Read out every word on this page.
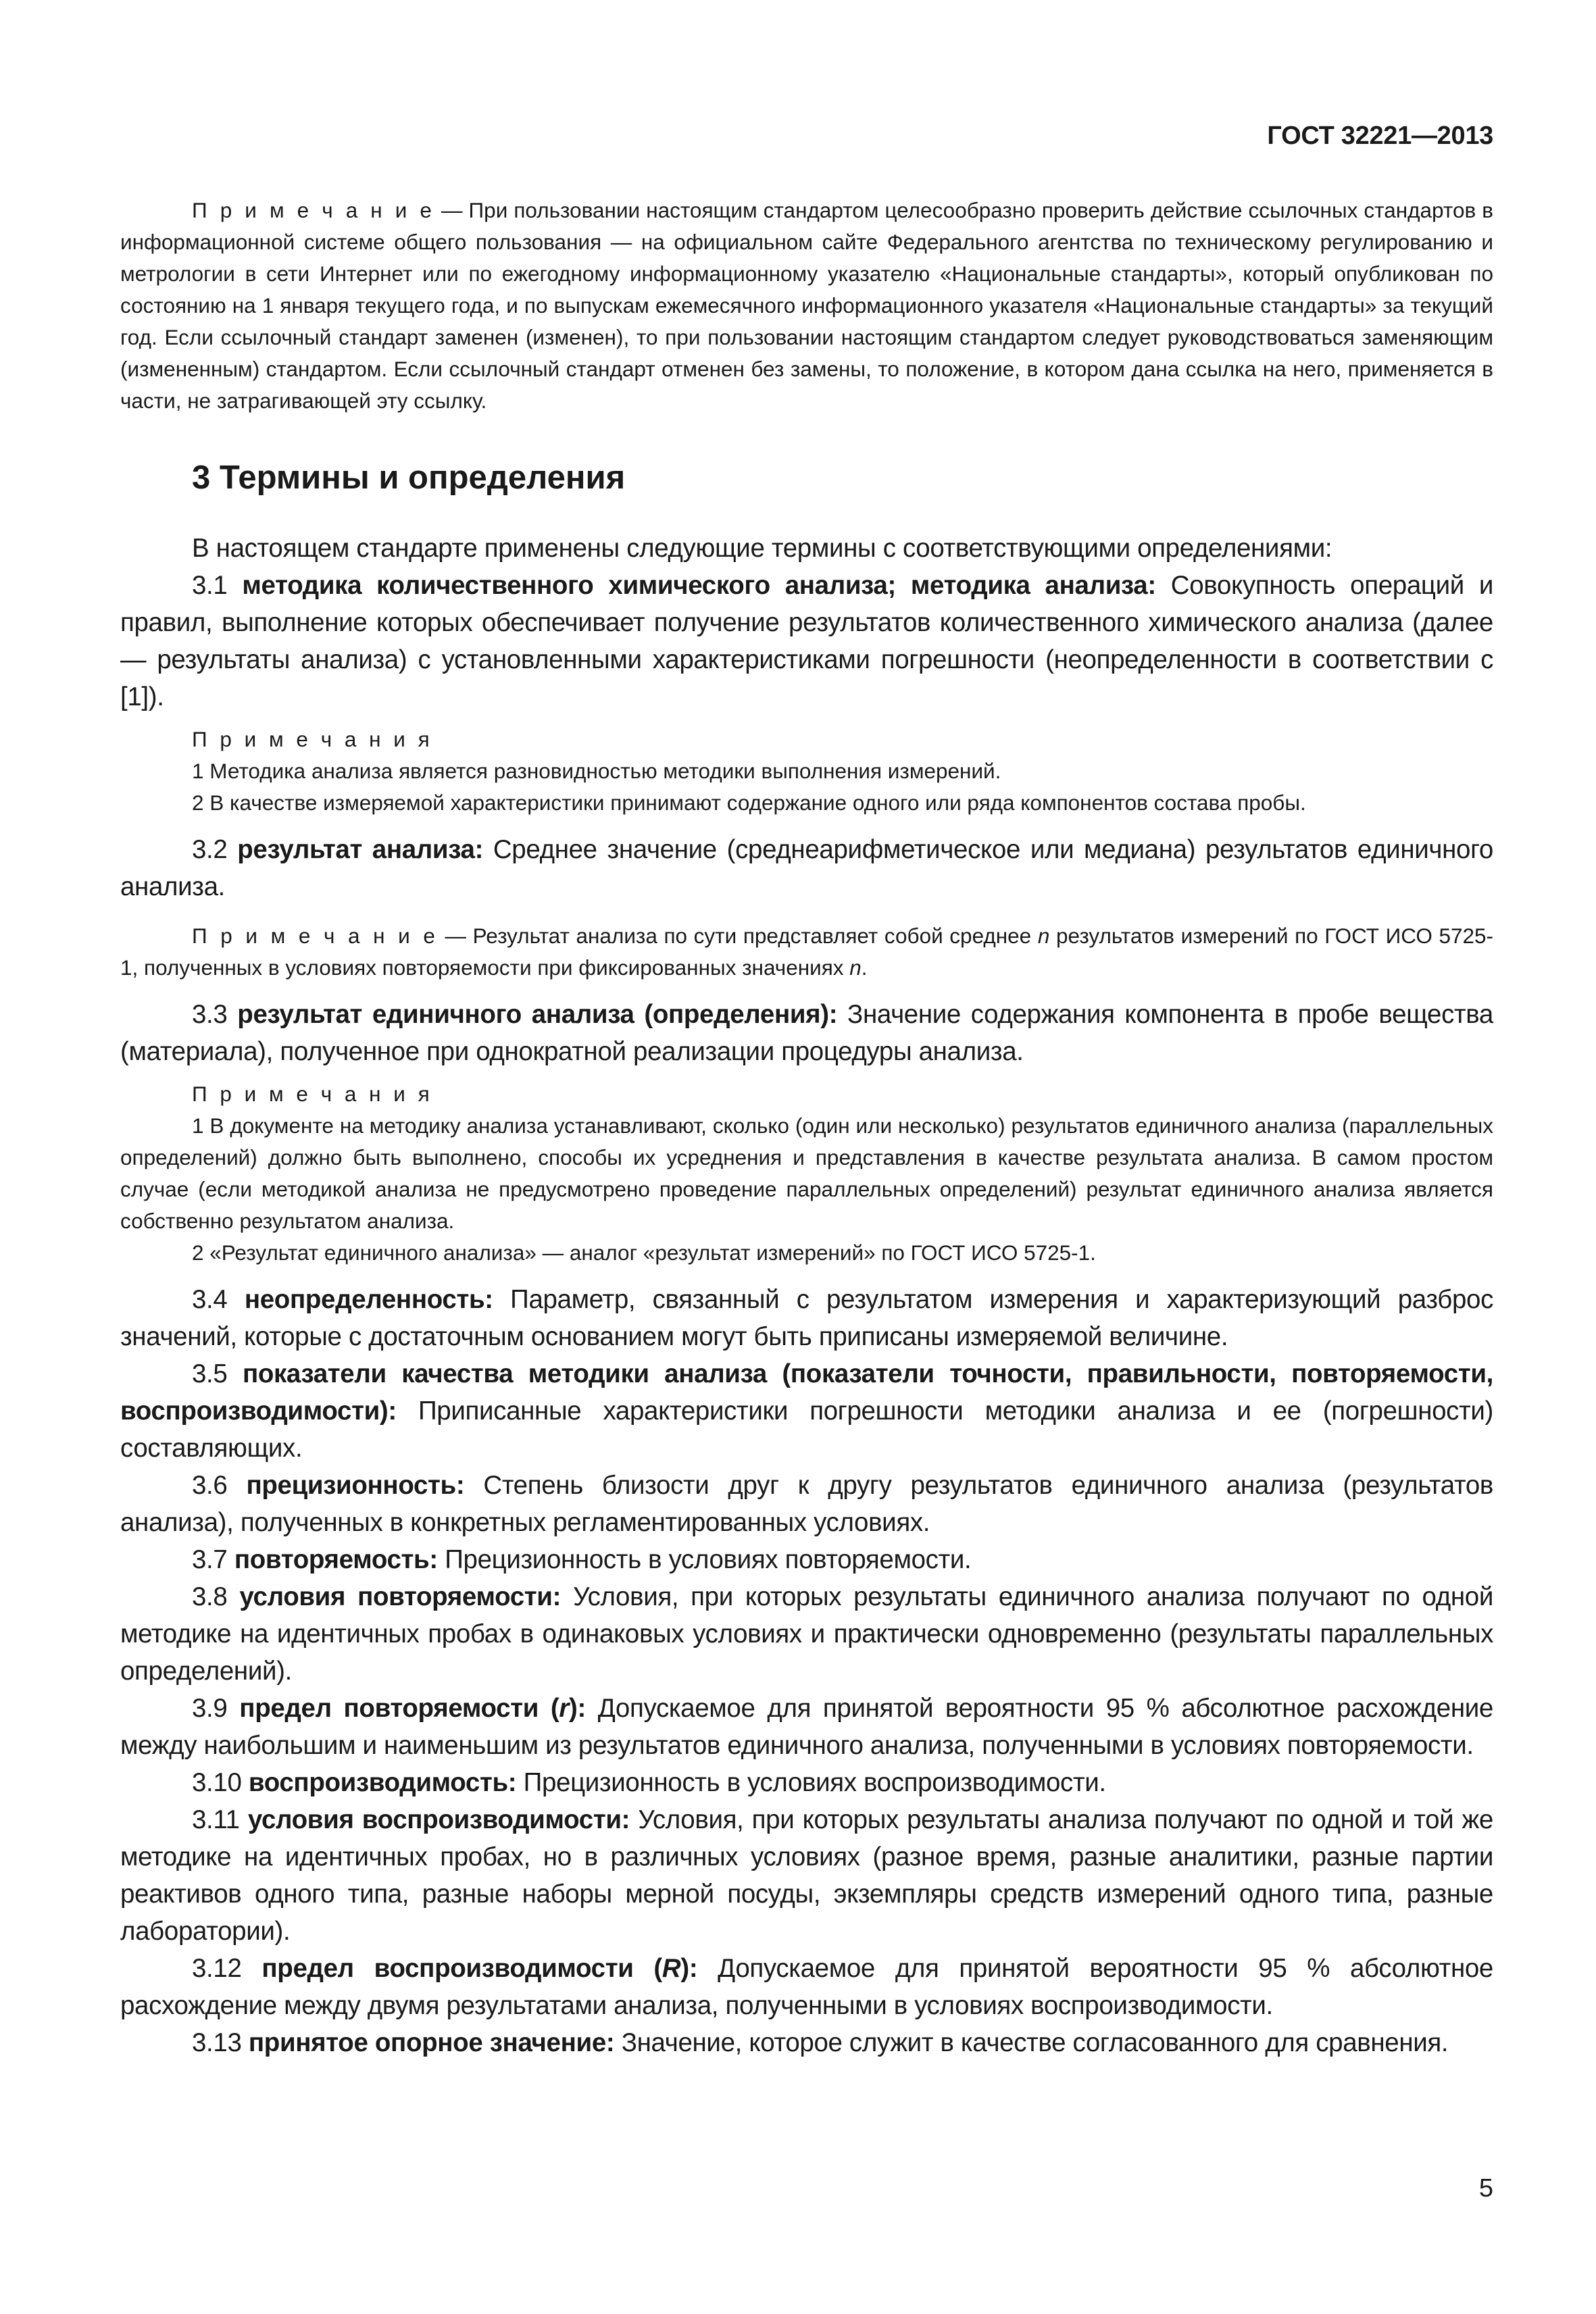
ГОСТ 32221—2013

П р и м е ч а н и е — При пользовании настоящим стандартом целесообразно проверить действие ссылочных стандартов в информационной системе общего пользования — на официальном сайте Федерального агентства по техническому регулированию и метрологии в сети Интернет или по ежегодному информационному указателю «Национальные стандарты», который опубликован по состоянию на 1 января текущего года, и по выпускам ежемесячного информационного указателя «Национальные стандарты» за текущий год. Если ссылочный стандарт заменен (изменен), то при пользовании настоящим стандартом следует руководствоваться заменяющим (измененным) стандартом. Если ссылочный стандарт отменен без замены, то положение, в котором дана ссылка на него, применяется в части, не затрагивающей эту ссылку.

3 Термины и определения

В настоящем стандарте применены следующие термины с соответствующими определениями:

3.1 методика количественного химического анализа; методика анализа: Совокупность операций и правил, выполнение которых обеспечивает получение результатов количественного химического анализа (далее — результаты анализа) с установленными характеристиками погрешности (неопределенности в соответствии с [1]).

П р и м е ч а н и я

1 Методика анализа является разновидностью методики выполнения измерений.

2 В качестве измеряемой характеристики принимают содержание одного или ряда компонентов состава пробы.

3.2 результат анализа: Среднее значение (среднеарифметическое или медиана) результатов единичного анализа.

П р и м е ч а н и е — Результат анализа по сути представляет собой среднее n результатов измерений по ГОСТ ИСО 5725-1, полученных в условиях повторяемости при фиксированных значениях n.

3.3 результат единичного анализа (определения): Значение содержания компонента в пробе вещества (материала), полученное при однократной реализации процедуры анализа.

П р и м е ч а н и я

1 В документе на методику анализа устанавливают, сколько (один или несколько) результатов единичного анализа (параллельных определений) должно быть выполнено, способы их усреднения и представления в качестве результата анализа. В самом простом случае (если методикой анализа не предусмотрено проведение параллельных определений) результат единичного анализа является собственно результатом анализа.

2 «Результат единичного анализа» — аналог «результат измерений» по ГОСТ ИСО 5725-1.

3.4 неопределенность: Параметр, связанный с результатом измерения и характеризующий разброс значений, которые с достаточным основанием могут быть приписаны измеряемой величине.

3.5 показатели качества методики анализа (показатели точности, правильности, повторяемости, воспроизводимости): Приписанные характеристики погрешности методики анализа и ее (погрешности) составляющих.

3.6 прецизионность: Степень близости друг к другу результатов единичного анализа (результатов анализа), полученных в конкретных регламентированных условиях.

3.7 повторяемость: Прецизионность в условиях повторяемости.

3.8 условия повторяемости: Условия, при которых результаты единичного анализа получают по одной методике на идентичных пробах в одинаковых условиях и практически одновременно (результаты параллельных определений).

3.9 предел повторяемости (r): Допускаемое для принятой вероятности 95 % абсолютное расхождение между наибольшим и наименьшим из результатов единичного анализа, полученными в условиях повторяемости.

3.10 воспроизводимость: Прецизионность в условиях воспроизводимости.

3.11 условия воспроизводимости: Условия, при которых результаты анализа получают по одной и той же методике на идентичных пробах, но в различных условиях (разное время, разные аналитики, разные партии реактивов одного типа, разные наборы мерной посуды, экземпляры средств измерений одного типа, разные лаборатории).

3.12 предел воспроизводимости (R): Допускаемое для принятой вероятности 95 % абсолютное расхождение между двумя результатами анализа, полученными в условиях воспроизводимости.

3.13 принятое опорное значение: Значение, которое служит в качестве согласованного для сравнения.

5
